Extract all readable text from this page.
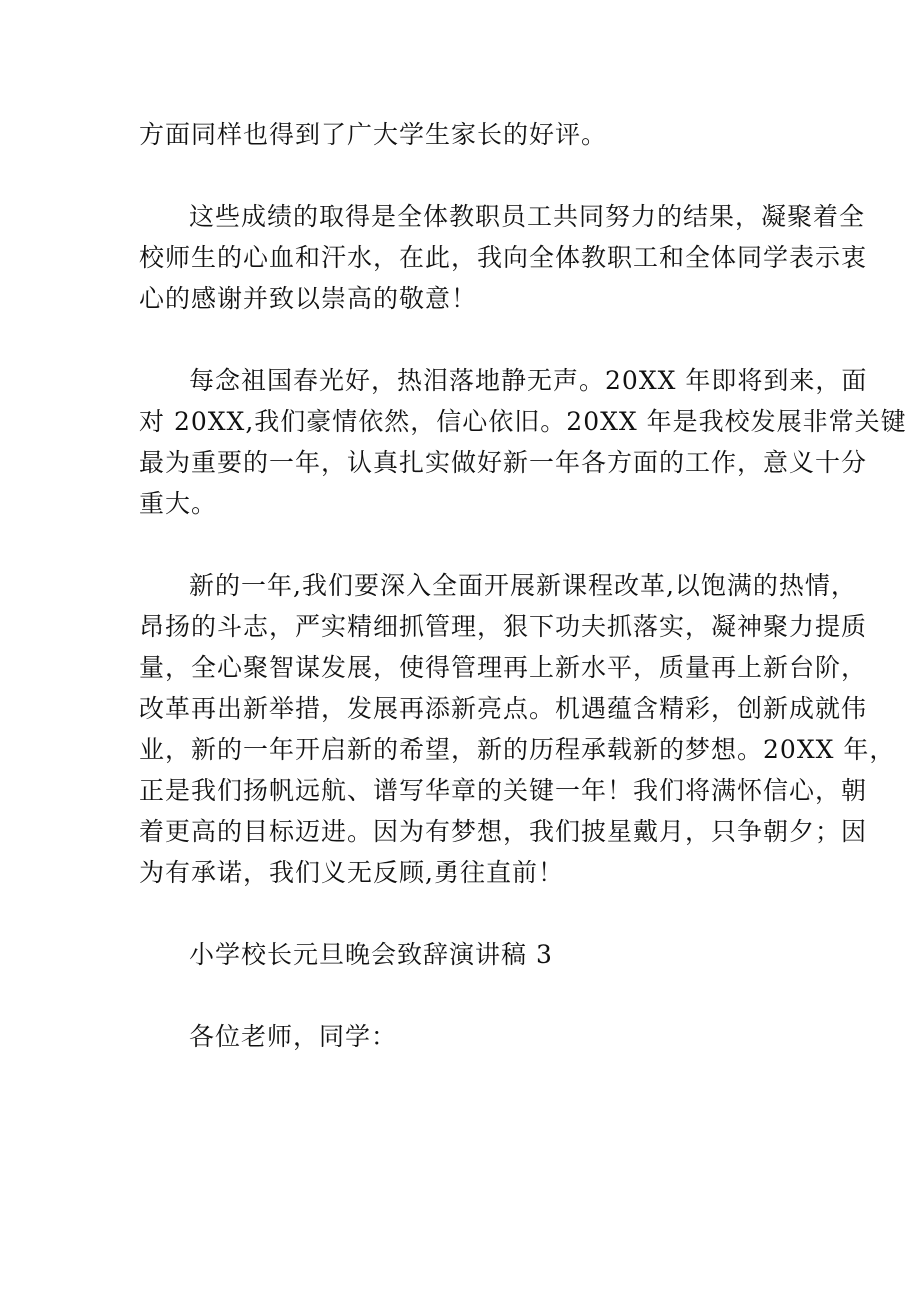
方面同样也得到了广大学生家长的好评。

这些成绩的取得是全体教职员工共同努力的结果，凝聚着全
校师生的心血和汗水，在此，我向全体教职工和全体同学表示衷
心的感谢并致以崇高的敬意！

每念祖国春光好，热泪落地静无声。20XX 年即将到来，面
对 20XX,我们豪情依然，信心依旧。20XX 年是我校发展非常关键
最为重要的一年，认真扎实做好新一年各方面的工作，意义十分
重大。

新的一年,我们要深入全面开展新课程改革,以饱满的热情，
昂扬的斗志，严实精细抓管理，狠下功夫抓落实，凝神聚力提质
量，全心聚智谋发展，使得管理再上新水平，质量再上新台阶，
改革再出新举措，发展再添新亮点。机遇蕴含精彩，创新成就伟
业，新的一年开启新的希望，新的历程承载新的梦想。20XX 年，
正是我们扬帆远航、谱写华章的关键一年！我们将满怀信心，朝
着更高的目标迈进。因为有梦想，我们披星戴月，只争朝夕；因
为有承诺，我们义无反顾,勇往直前！

小学校长元旦晚会致辞演讲稿 3

各位老师，同学：
